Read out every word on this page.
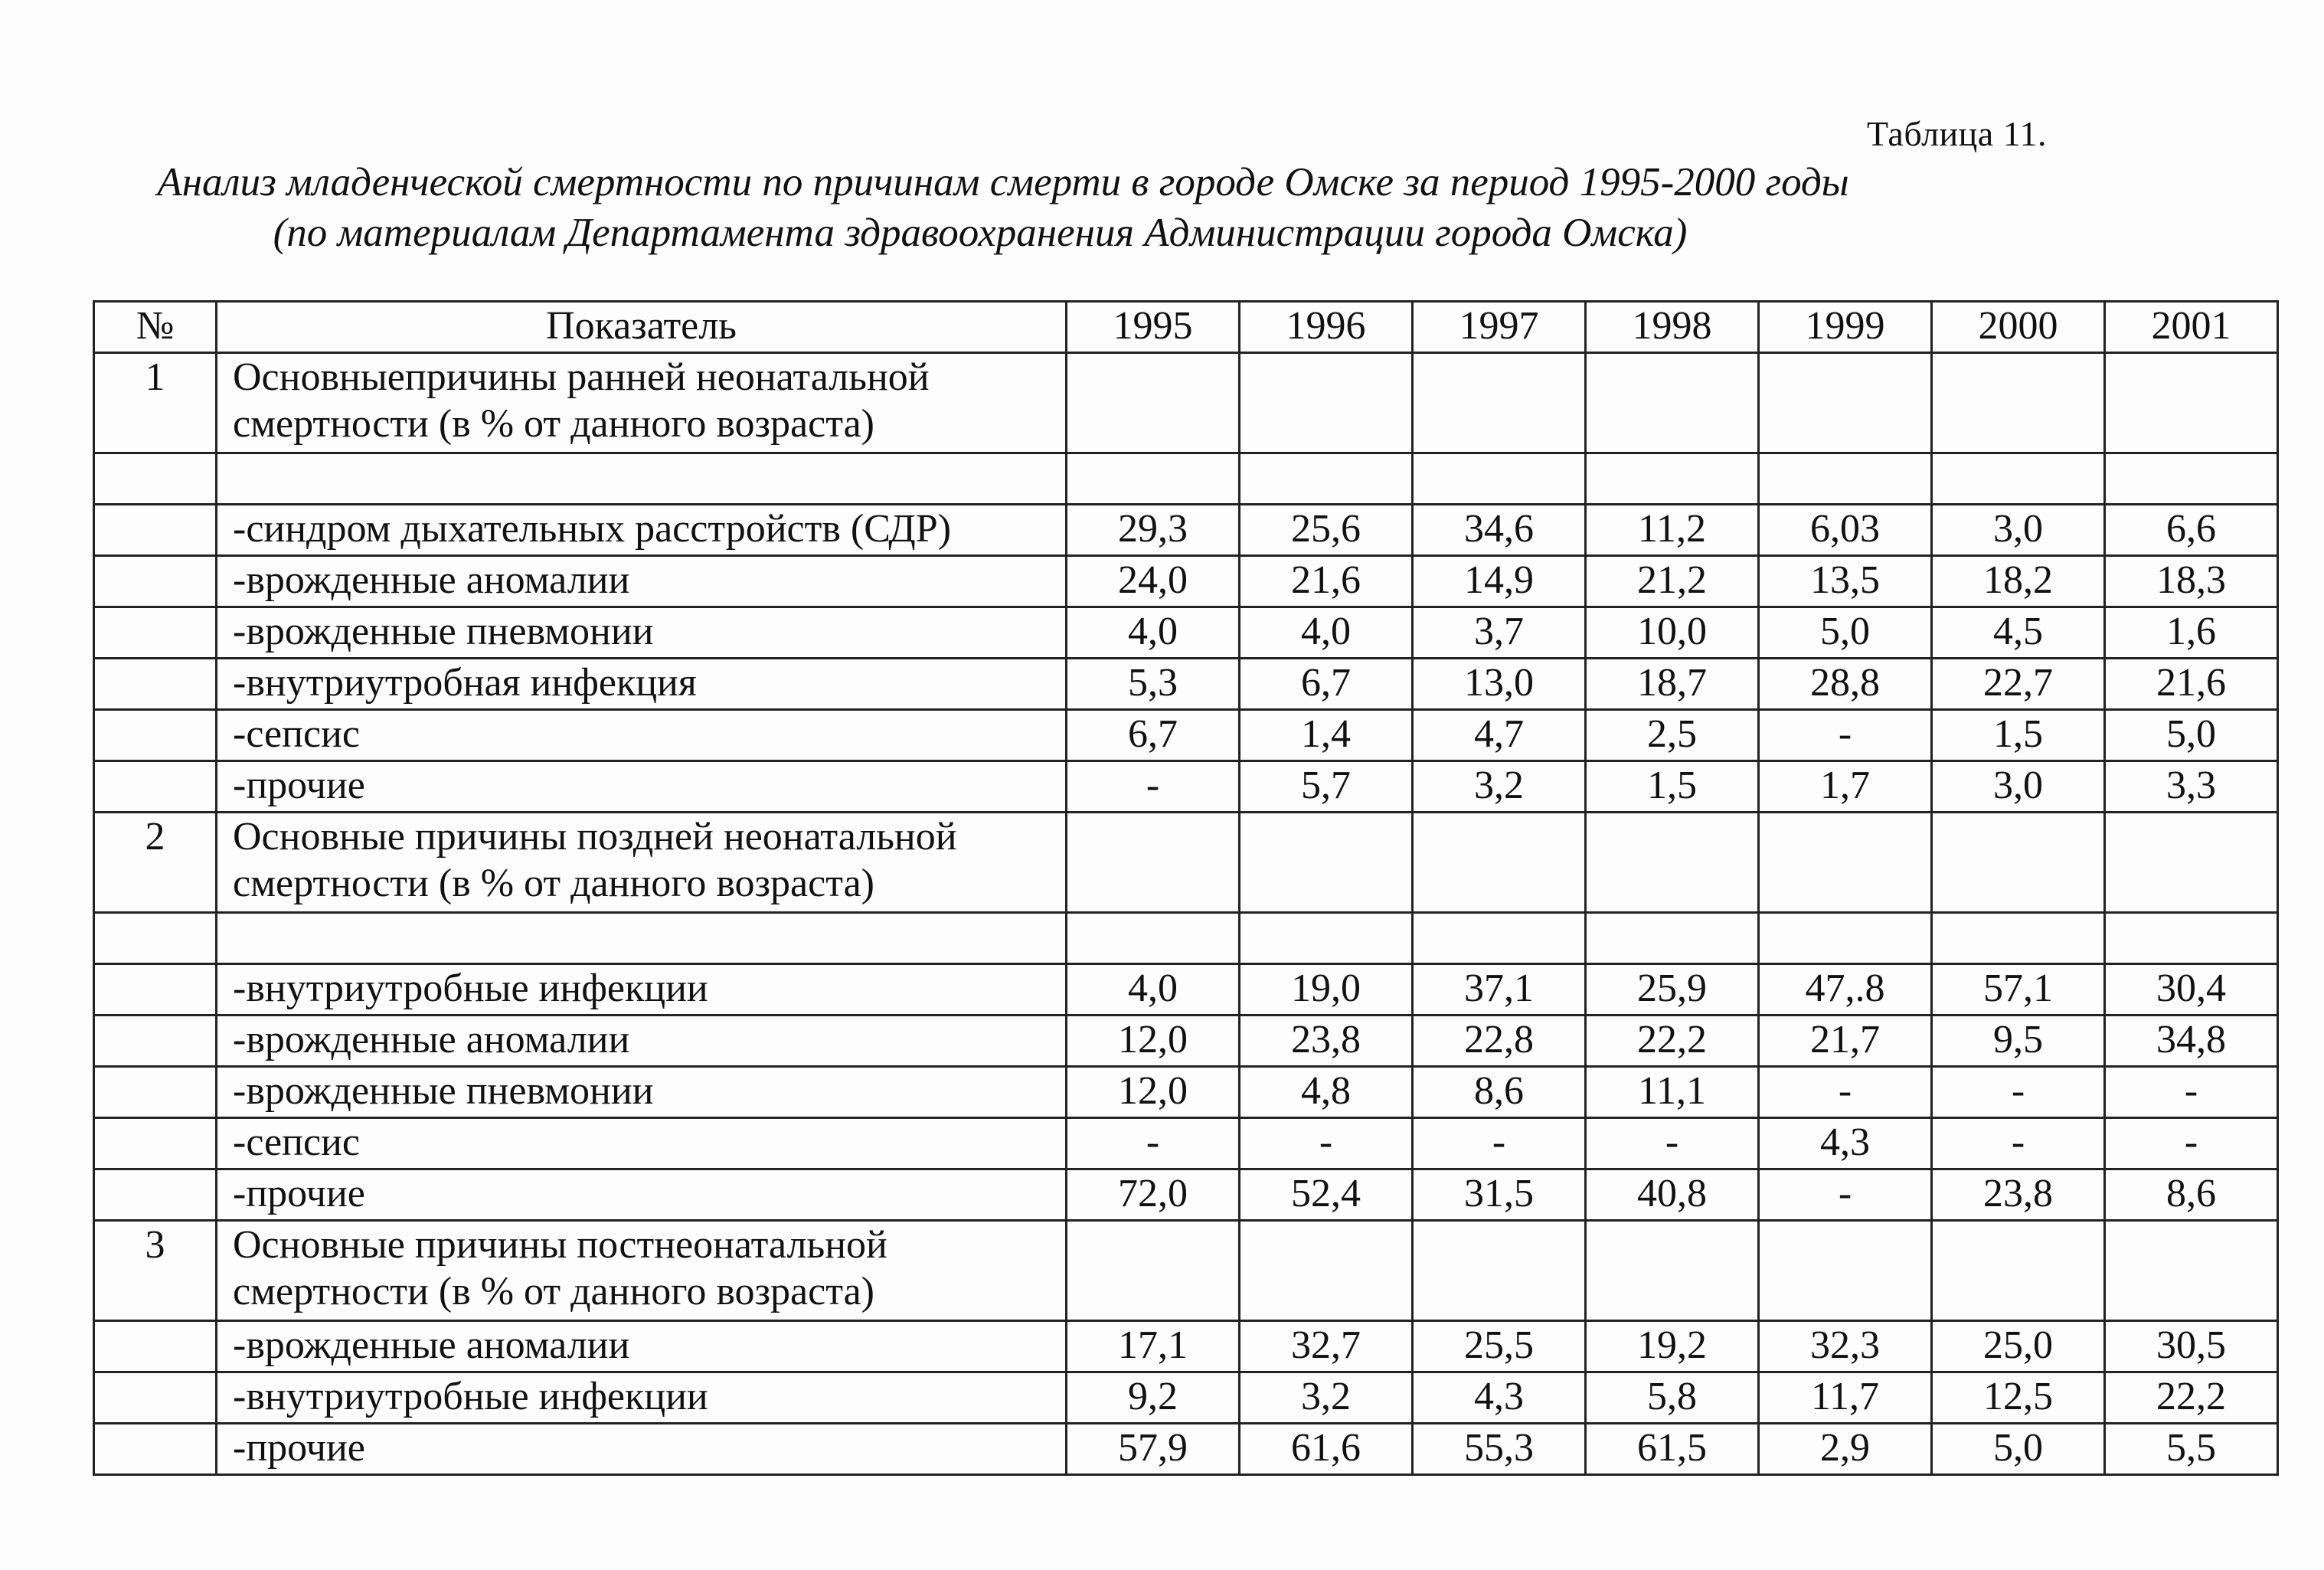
Таблица 11.
Анализ младенческой смертности по причинам смерти в городе Омске за период 1995-2000 годы
(по материалам Департамента здравоохранения Администрации города Омска)
№	Показатель	1995	1996	1997	1998	1999	2000	2001
1	Основныепричины ранней неонатальной
смертности (в % от данного возраста)							

	-синдром дыхательных расстройств (СДР)	29,3	25,6	34,6	11,2	6,03	3,0	6,6
	-врожденные аномалии	24,0	21,6	14,9	21,2	13,5	18,2	18,3
	-врожденные пневмонии	4,0	4,0	3,7	10,0	5,0	4,5	1,6
	-внутриутробная инфекция	5,3	6,7	13,0	18,7	28,8	22,7	21,6
	-сепсис	6,7	1,4	4,7	2,5	-	1,5	5,0
	-прочие	-	5,7	3,2	1,5	1,7	3,0	3,3
2	Основные причины поздней неонатальной
смертности (в % от данного возраста)							

	-внутриутробные инфекции	4,0	19,0	37,1	25,9	47,.8	57,1	30,4
	-врожденные аномалии	12,0	23,8	22,8	22,2	21,7	9,5	34,8
	-врожденные пневмонии	12,0	4,8	8,6	11,1	-	-	-
	-сепсис	-	-	-	-	4,3	-	-
	-прочие	72,0	52,4	31,5	40,8	-	23,8	8,6
3	Основные причины постнеонатальной
смертности (в % от данного возраста)							

	-врожденные аномалии	17,1	32,7	25,5	19,2	32,3	25,0	30,5
	-внутриутробные инфекции	9,2	3,2	4,3	5,8	11,7	12,5	22,2
	-прочие	57,9	61,6	55,3	61,5	2,9	5,0	5,5
